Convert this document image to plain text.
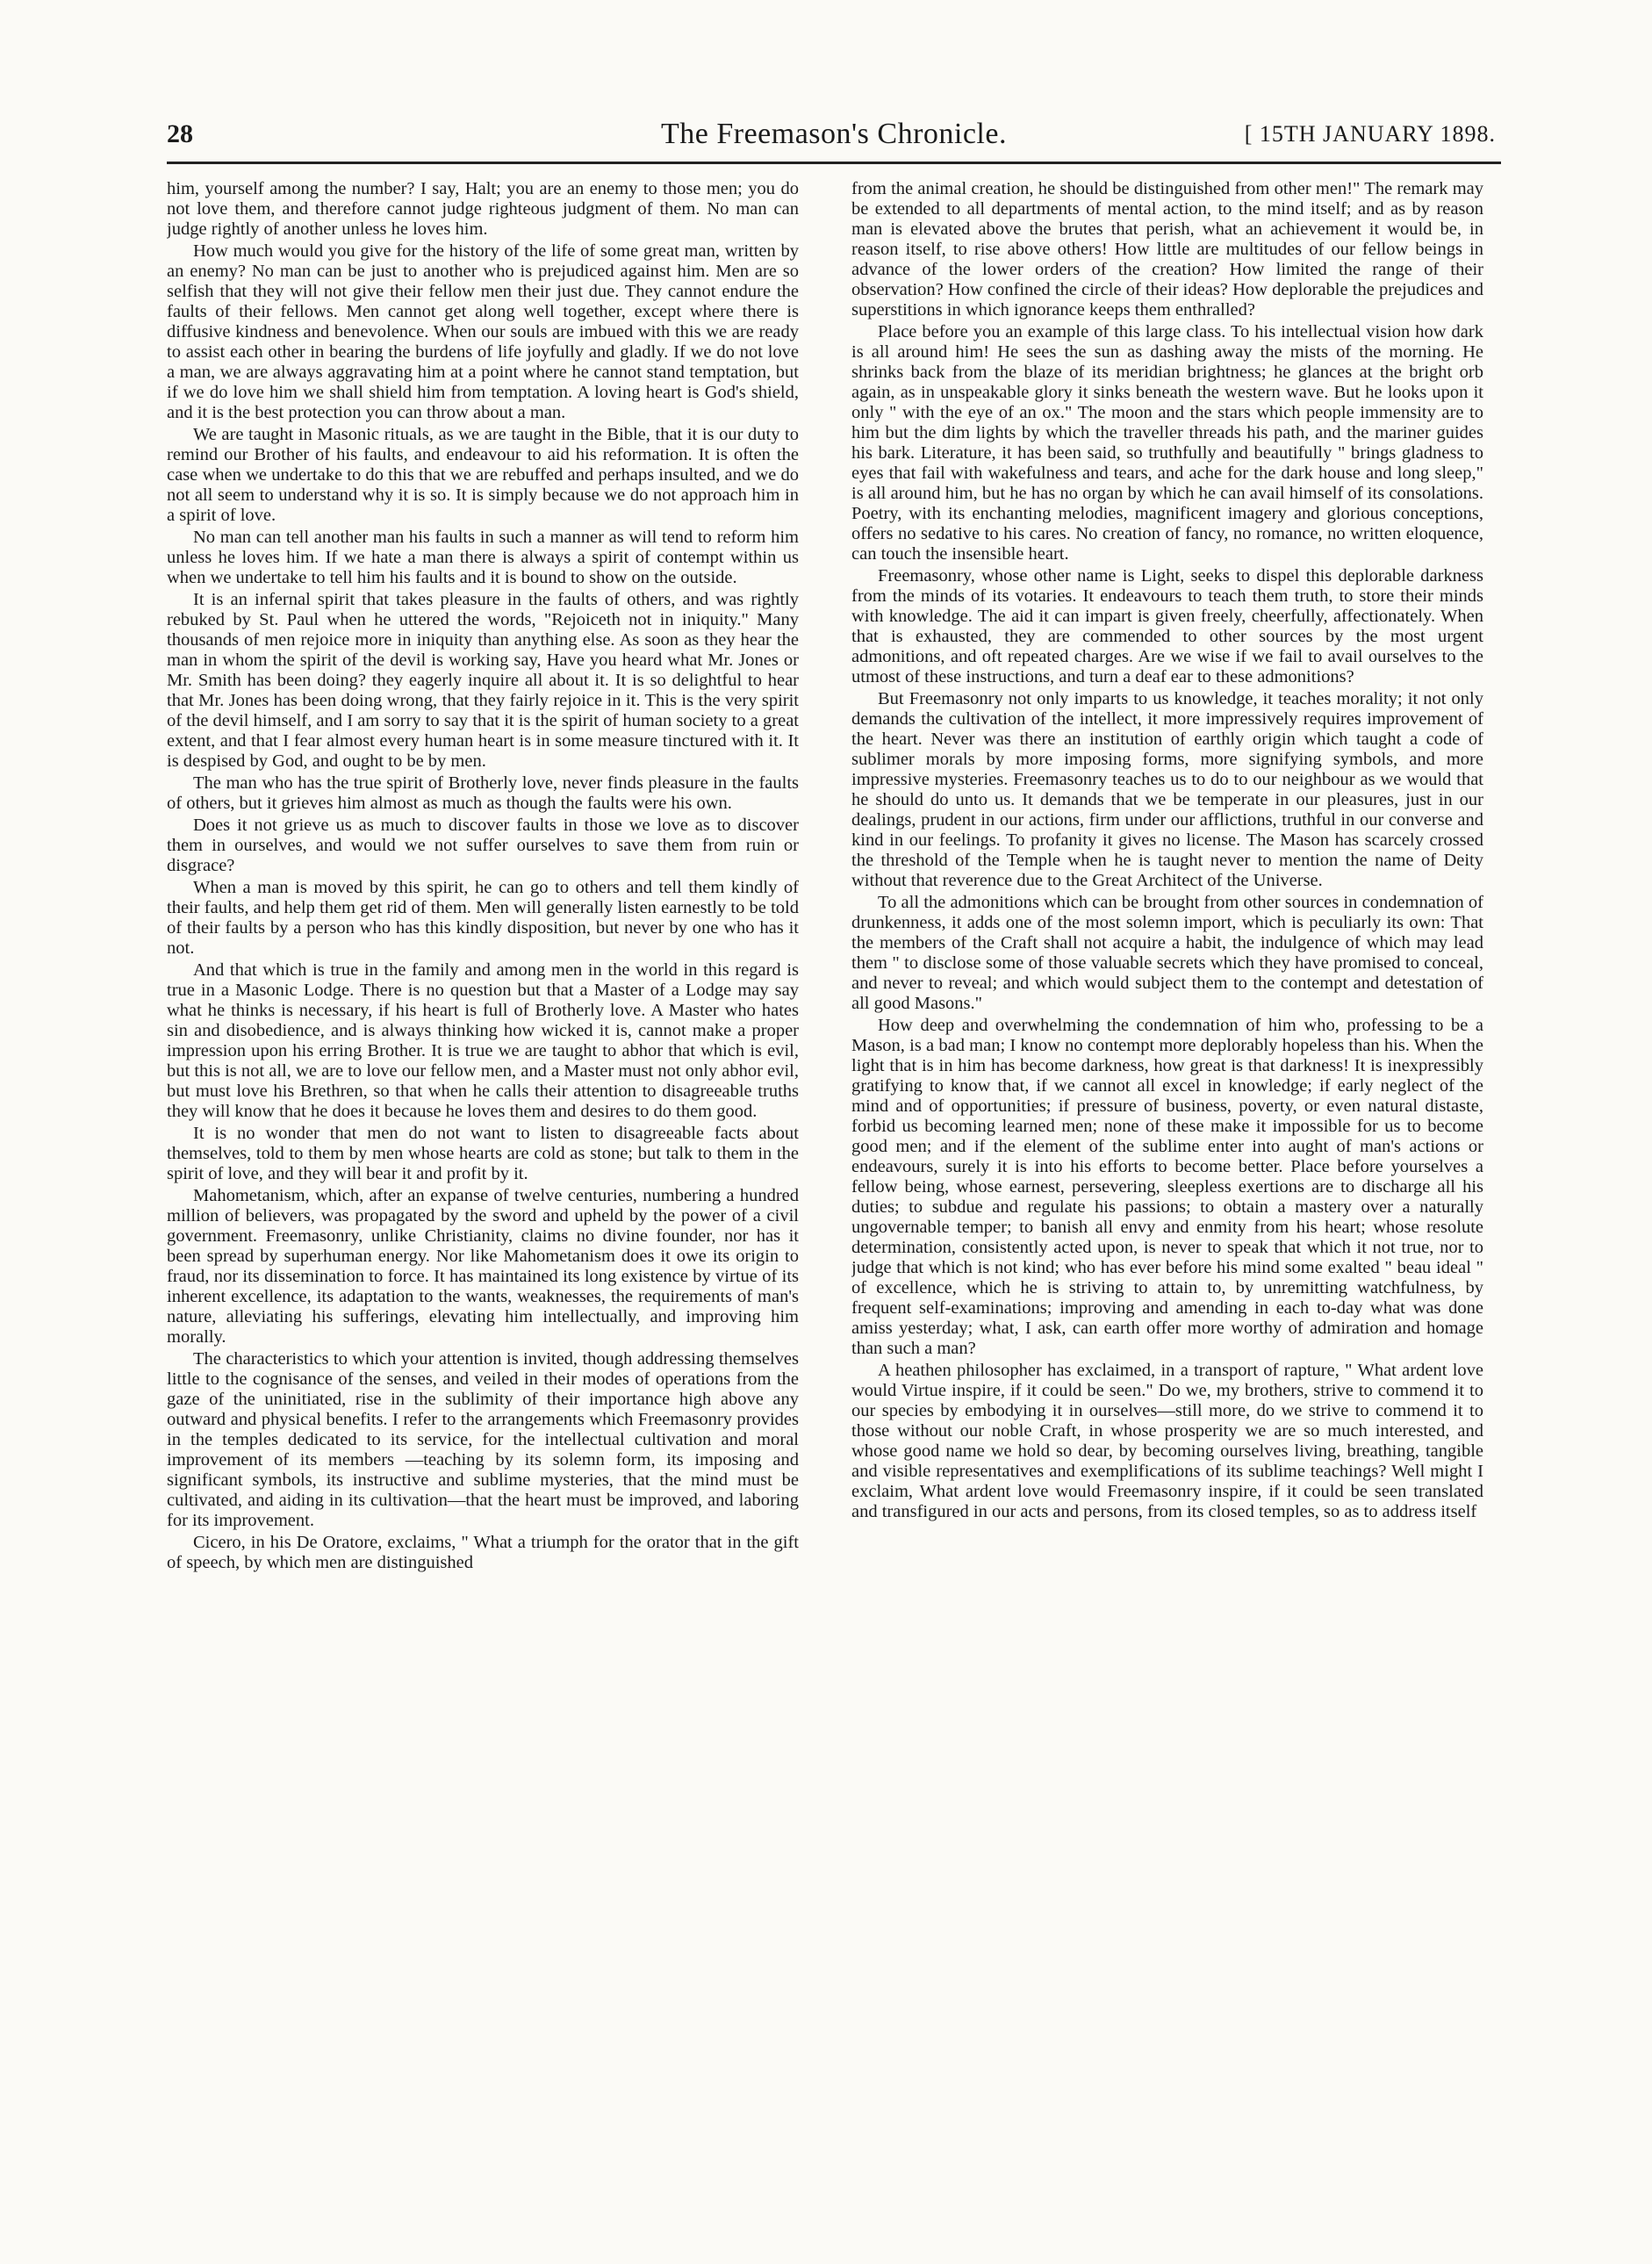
28	The Freemason's Chronicle.	[ 15TH JANUARY 1898.

him, yourself among the number? I say, Halt; you are an enemy to those men; you do not love them, and therefore cannot judge righteous judgment of them. No man can judge rightly of another unless he loves him.

How much would you give for the history of the life of some great man, written by an enemy? No man can be just to another who is prejudiced against him. Men are so selfish that they will not give their fellow men their just due. They cannot endure the faults of their fellows. Men cannot get along well together, except where there is diffusive kindness and benevolence. When our souls are imbued with this we are ready to assist each other in bearing the burdens of life joyfully and gladly. If we do not love a man, we are always aggravating him at a point where he cannot stand temptation, but if we do love him we shall shield him from temptation. A loving heart is God's shield, and it is the best protection you can throw about a man.

We are taught in Masonic rituals, as we are taught in the Bible, that it is our duty to remind our Brother of his faults, and endeavour to aid his reformation. It is often the case when we undertake to do this that we are rebuffed and perhaps insulted, and we do not all seem to understand why it is so. It is simply because we do not approach him in a spirit of love.

No man can tell another man his faults in such a manner as will tend to reform him unless he loves him. If we hate a man there is always a spirit of contempt within us when we undertake to tell him his faults and it is bound to show on the outside.

It is an infernal spirit that takes pleasure in the faults of others, and was rightly rebuked by St. Paul when he uttered the words, "Rejoiceth not in iniquity." Many thousands of men rejoice more in iniquity than anything else. As soon as they hear the man in whom the spirit of the devil is working say, Have you heard what Mr. Jones or Mr. Smith has been doing? they eagerly inquire all about it. It is so delightful to hear that Mr. Jones has been doing wrong, that they fairly rejoice in it. This is the very spirit of the devil himself, and I am sorry to say that it is the spirit of human society to a great extent, and that I fear almost every human heart is in some measure tinctured with it. It is despised by God, and ought to be by men.

The man who has the true spirit of Brotherly love, never finds pleasure in the faults of others, but it grieves him almost as much as though the faults were his own.

Does it not grieve us as much to discover faults in those we love as to discover them in ourselves, and would we not suffer ourselves to save them from ruin or disgrace?

When a man is moved by this spirit, he can go to others and tell them kindly of their faults, and help them get rid of them. Men will generally listen earnestly to be told of their faults by a person who has this kindly disposition, but never by one who has it not.

And that which is true in the family and among men in the world in this regard is true in a Masonic Lodge. There is no question but that a Master of a Lodge may say what he thinks is necessary, if his heart is full of Brotherly love. A Master who hates sin and disobedience, and is always thinking how wicked it is, cannot make a proper impression upon his erring Brother. It is true we are taught to abhor that which is evil, but this is not all, we are to love our fellow men, and a Master must not only abhor evil, but must love his Brethren, so that when he calls their attention to disagreeable truths they will know that he does it because he loves them and desires to do them good.

It is no wonder that men do not want to listen to disagreeable facts about themselves, told to them by men whose hearts are cold as stone; but talk to them in the spirit of love, and they will bear it and profit by it.

Mahometanism, which, after an expanse of twelve centuries, numbering a hundred million of believers, was propagated by the sword and upheld by the power of a civil government. Freemasonry, unlike Christianity, claims no divine founder, nor has it been spread by superhuman energy. Nor like Mahometanism does it owe its origin to fraud, nor its dissemination to force. It has maintained its long existence by virtue of its inherent excellence, its adaptation to the wants, weaknesses, the requirements of man's nature, alleviating his sufferings, elevating him intellectually, and improving him morally.

The characteristics to which your attention is invited, though addressing themselves little to the cognisance of the senses, and veiled in their modes of operations from the gaze of the uninitiated, rise in the sublimity of their importance high above any outward and physical benefits. I refer to the arrangements which Freemasonry provides in the temples dedicated to its service, for the intellectual cultivation and moral improvement of its members —teaching by its solemn form, its imposing and significant symbols, its instructive and sublime mysteries, that the mind must be cultivated, and aiding in its cultivation—that the heart must be improved, and laboring for its improvement.

Cicero, in his De Oratore, exclaims, " What a triumph for the orator that in the gift of speech, by which men are distinguished

from the animal creation, he should be distinguished from other men!" The remark may be extended to all departments of mental action, to the mind itself; and as by reason man is elevated above the brutes that perish, what an achievement it would be, in reason itself, to rise above others! How little are multitudes of our fellow beings in advance of the lower orders of the creation? How limited the range of their observation? How confined the circle of their ideas? How deplorable the prejudices and superstitions in which ignorance keeps them enthralled?

Place before you an example of this large class. To his intellectual vision how dark is all around him! He sees the sun as dashing away the mists of the morning. He shrinks back from the blaze of its meridian brightness; he glances at the bright orb again, as in unspeakable glory it sinks beneath the western wave. But he looks upon it only " with the eye of an ox." The moon and the stars which people immensity are to him but the dim lights by which the traveller threads his path, and the mariner guides his bark. Literature, it has been said, so truthfully and beautifully " brings gladness to eyes that fail with wakefulness and tears, and ache for the dark house and long sleep," is all around him, but he has no organ by which he can avail himself of its consolations. Poetry, with its enchanting melodies, magnificent imagery and glorious conceptions, offers no sedative to his cares. No creation of fancy, no romance, no written eloquence, can touch the insensible heart.

Freemasonry, whose other name is Light, seeks to dispel this deplorable darkness from the minds of its votaries. It endeavours to teach them truth, to store their minds with knowledge. The aid it can impart is given freely, cheerfully, affectionately. When that is exhausted, they are commended to other sources by the most urgent admonitions, and oft repeated charges. Are we wise if we fail to avail ourselves to the utmost of these instructions, and turn a deaf ear to these admonitions?

But Freemasonry not only imparts to us knowledge, it teaches morality; it not only demands the cultivation of the intellect, it more impressively requires improvement of the heart. Never was there an institution of earthly origin which taught a code of sublimer morals by more imposing forms, more signifying symbols, and more impressive mysteries. Freemasonry teaches us to do to our neighbour as we would that he should do unto us. It demands that we be temperate in our pleasures, just in our dealings, prudent in our actions, firm under our afflictions, truthful in our converse and kind in our feelings. To profanity it gives no license. The Mason has scarcely crossed the threshold of the Temple when he is taught never to mention the name of Deity without that reverence due to the Great Architect of the Universe.

To all the admonitions which can be brought from other sources in condemnation of drunkenness, it adds one of the most solemn import, which is peculiarly its own: That the members of the Craft shall not acquire a habit, the indulgence of which may lead them " to disclose some of those valuable secrets which they have promised to conceal, and never to reveal; and which would subject them to the contempt and detestation of all good Masons."

How deep and overwhelming the condemnation of him who, professing to be a Mason, is a bad man; I know no contempt more deplorably hopeless than his. When the light that is in him has become darkness, how great is that darkness! It is inexpressibly gratifying to know that, if we cannot all excel in knowledge; if early neglect of the mind and of opportunities; if pressure of business, poverty, or even natural distaste, forbid us becoming learned men; none of these make it impossible for us to become good men; and if the element of the sublime enter into aught of man's actions or endeavours, surely it is into his efforts to become better. Place before yourselves a fellow being, whose earnest, persevering, sleepless exertions are to discharge all his duties; to subdue and regulate his passions; to obtain a mastery over a naturally ungovernable temper; to banish all envy and enmity from his heart; whose resolute determination, consistently acted upon, is never to speak that which it not true, nor to judge that which is not kind; who has ever before his mind some exalted " beau ideal " of excellence, which he is striving to attain to, by unremitting watchfulness, by frequent self-examinations; improving and amending in each to-day what was done amiss yesterday; what, I ask, can earth offer more worthy of admiration and homage than such a man?

A heathen philosopher has exclaimed, in a transport of rapture, " What ardent love would Virtue inspire, if it could be seen." Do we, my brothers, strive to commend it to our species by embodying it in ourselves—still more, do we strive to commend it to those without our noble Craft, in whose prosperity we are so much interested, and whose good name we hold so dear, by becoming ourselves living, breathing, tangible and visible representatives and exemplifications of its sublime teachings? Well might I exclaim, What ardent love would Freemasonry inspire, if it could be seen translated and transfigured in our acts and persons, from its closed temples, so as to address itself
